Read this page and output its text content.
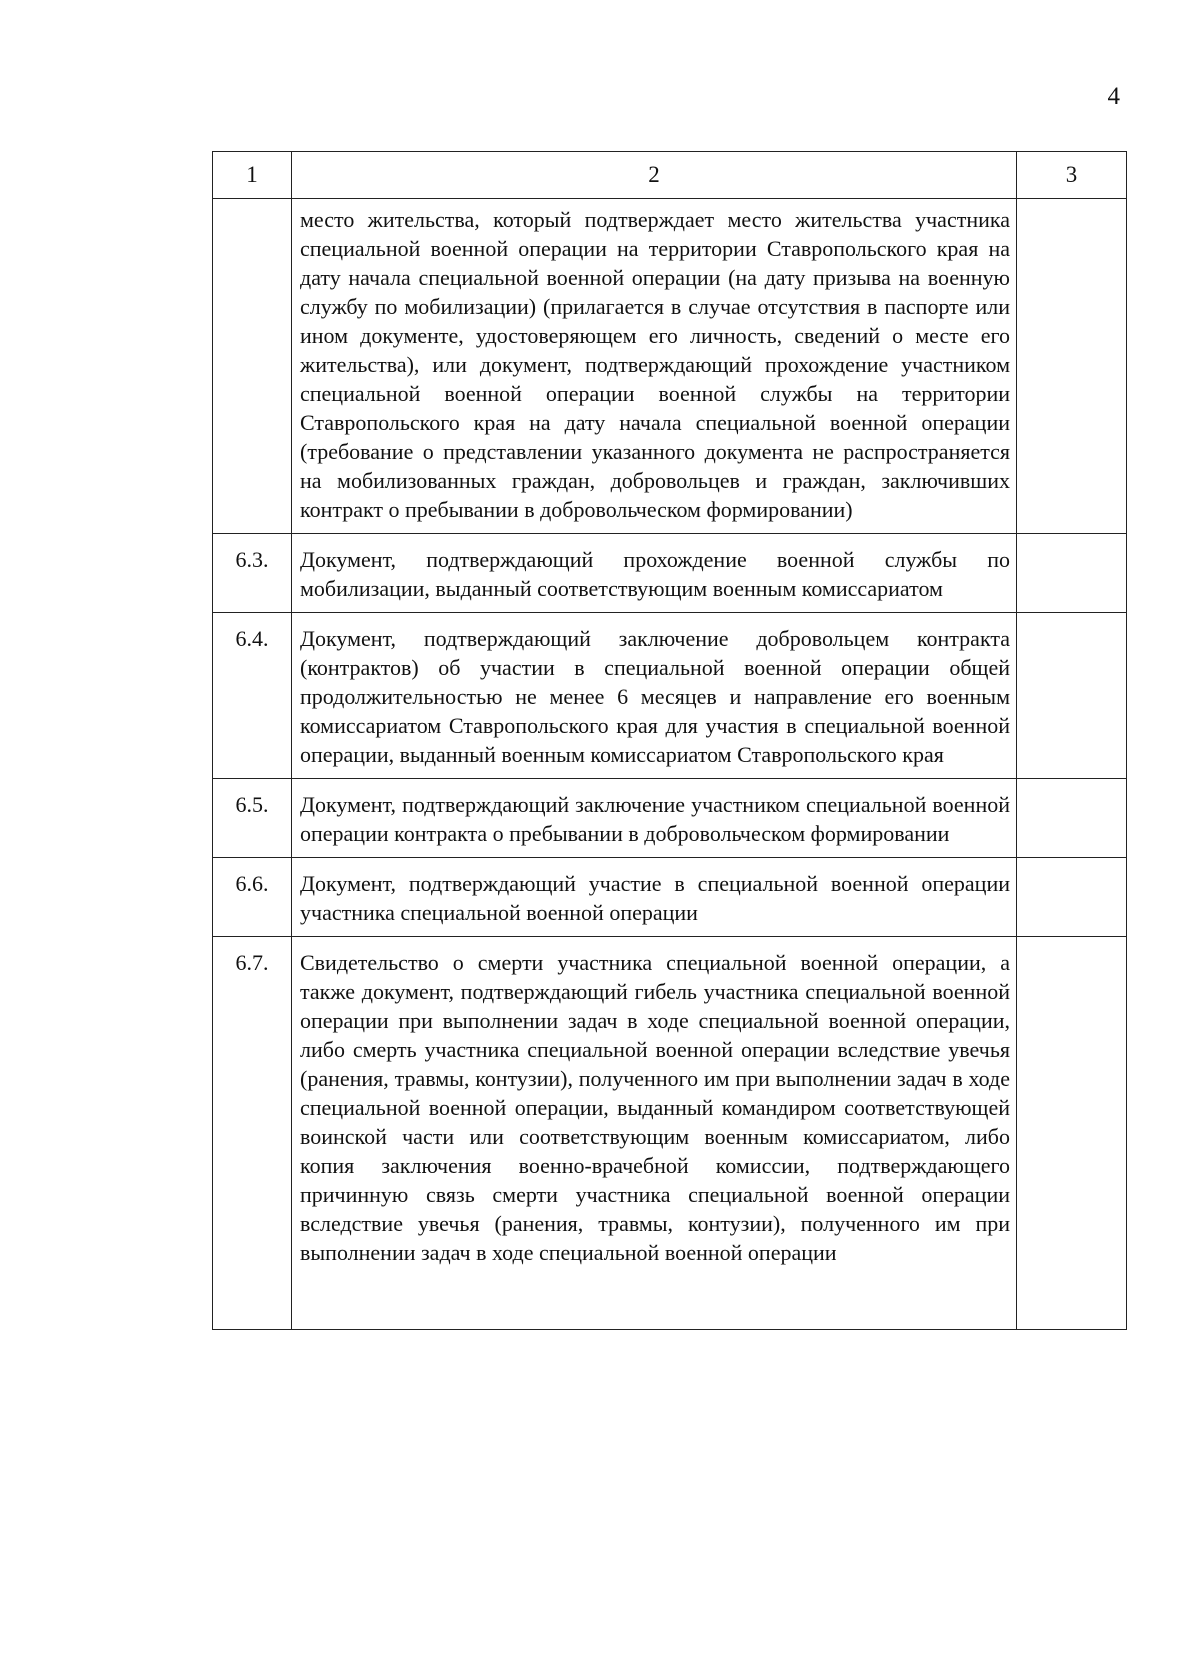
4
1	2	3
	место жительства, который подтверждает место жительства участника специальной военной операции на территории Ставропольского края на дату начала специальной военной операции (на дату призыва на военную службу по мобилизации) (прилагается в случае отсутствия в паспорте или ином документе, удостоверяющем его личность, сведений о месте его жительства), или документ, подтверждающий прохождение участником специальной военной операции военной службы на территории Ставропольского края на дату начала специальной военной операции (требование о представлении указанного документа не распространяется на мобилизованных граждан, добровольцев и граждан, заключивших контракт о пребывании в добровольческом формировании)	
6.3.	Документ, подтверждающий прохождение военной службы по мобилизации, выданный соответствующим военным комиссариатом	
6.4.	Документ, подтверждающий заключение добровольцем контракта (контрактов) об участии в специальной военной операции общей продолжительностью не менее 6 месяцев и направление его военным комиссариатом Ставропольского края для участия в специальной военной операции, выданный военным комиссариатом Ставропольского края	
6.5.	Документ, подтверждающий заключение участником специальной военной операции контракта о пребывании в добровольческом формировании	
6.6.	Документ, подтверждающий участие в специальной военной операции участника специальной военной операции	
6.7.	Свидетельство о смерти участника специальной военной операции, а также документ, подтверждающий гибель участника специальной военной операции при выполнении задач в ходе специальной военной операции, либо смерть участника специальной военной операции вследствие увечья (ранения, травмы, контузии), полученного им при выполнении задач в ходе специальной военной операции, выданный командиром соответствующей воинской части или соответствующим военным комиссариатом, либо копия заключения военно-врачебной комиссии, подтверждающего причинную связь смерти участника специальной военной операции вследствие увечья (ранения, травмы, контузии), полученного им при выполнении задач в ходе специальной военной операции	
